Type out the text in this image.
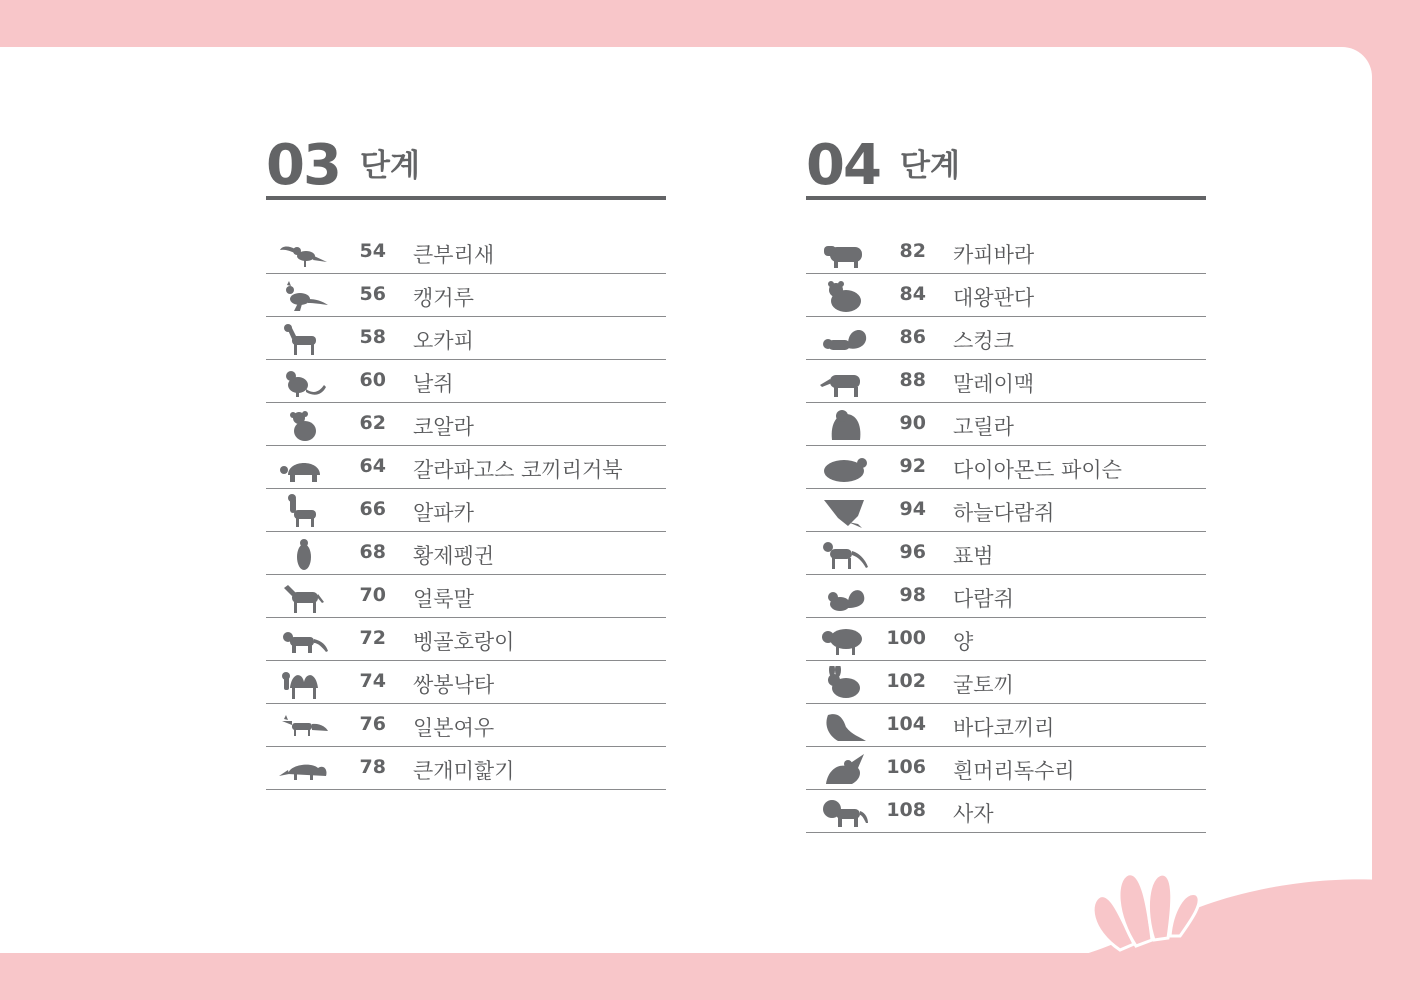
03 단계
54 큰부리새
56 캥거루
58 오카피
60 날쥐
62 코알라
64 갈라파고스 코끼리거북
66 알파카
68 황제펭귄
70 얼룩말
72 벵골호랑이
74 쌍봉낙타
76 일본여우
78 큰개미핥기
04 단계
82 카피바라
84 대왕판다
86 스컹크
88 말레이맥
90 고릴라
92 다이아몬드 파이슨
94 하늘다람쥐
96 표범
98 다람쥐
100 양
102 굴토끼
104 바다코끼리
106 흰머리독수리
108 사자
